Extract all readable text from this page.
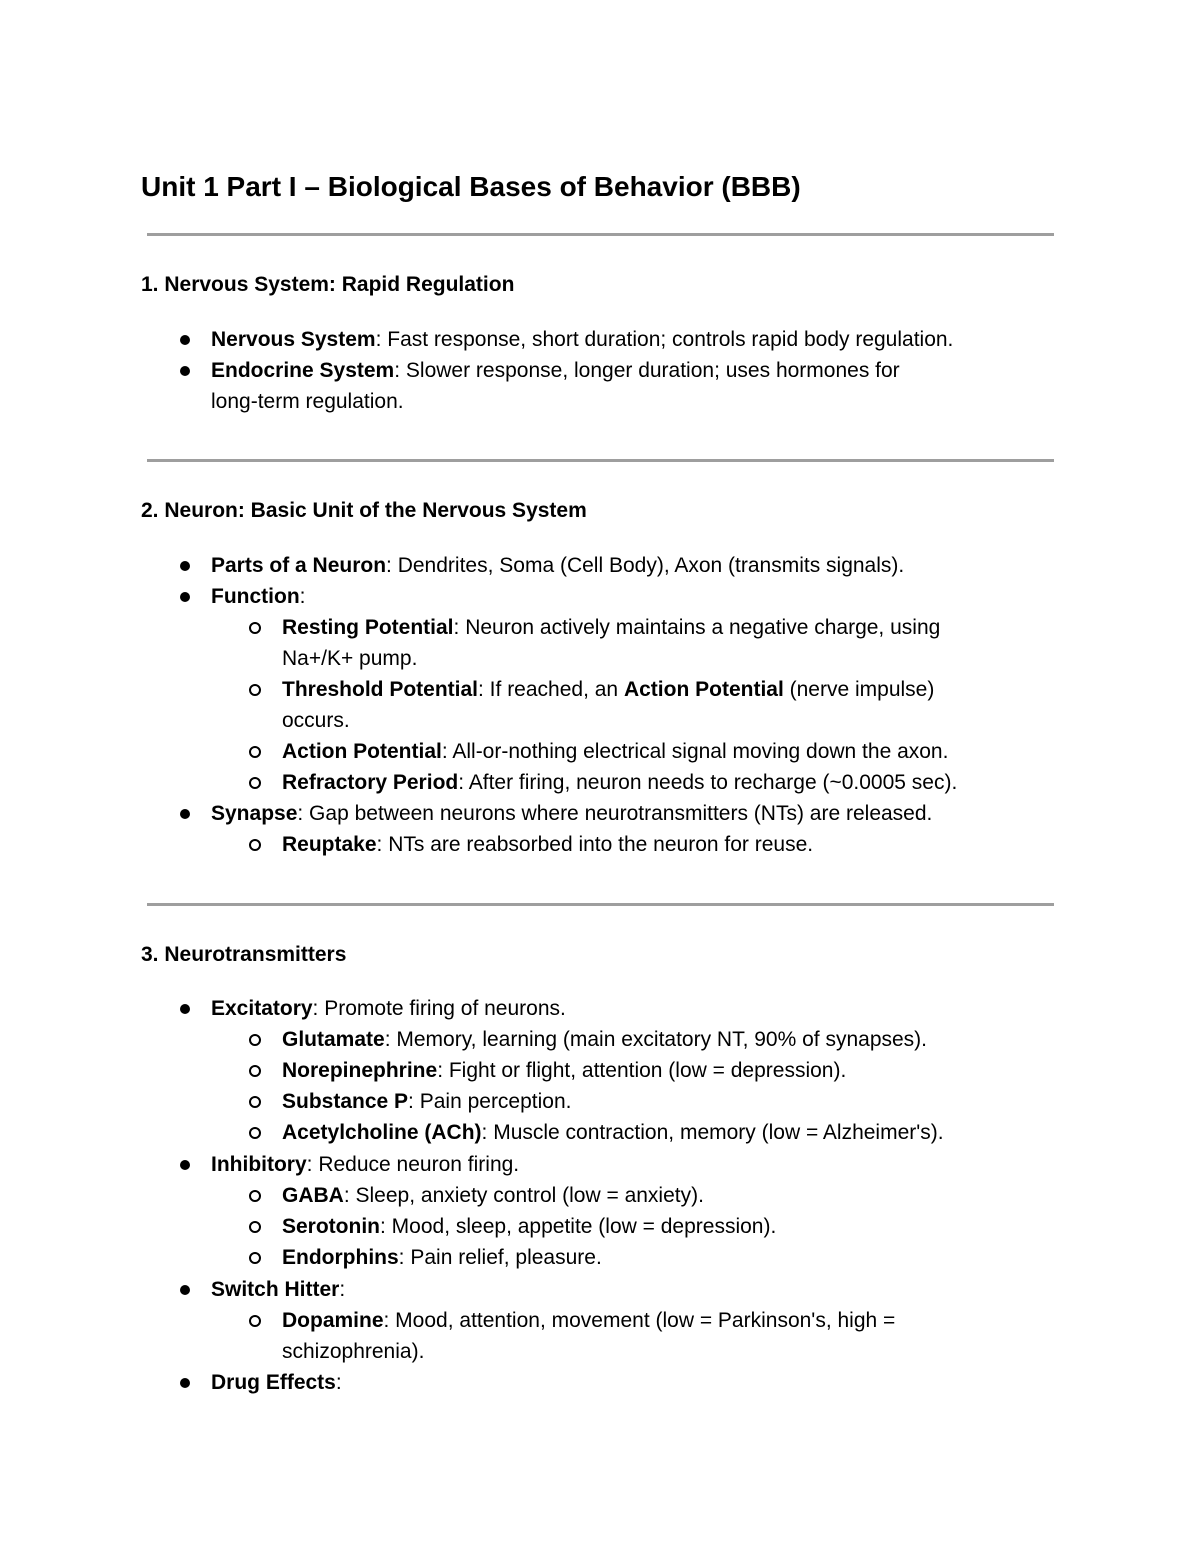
Unit 1 Part I – Biological Bases of Behavior (BBB)
1. Nervous System: Rapid Regulation
Nervous System: Fast response, short duration; controls rapid body regulation.
Endocrine System: Slower response, longer duration; uses hormones for
long-term regulation.
2. Neuron: Basic Unit of the Nervous System
Parts of a Neuron: Dendrites, Soma (Cell Body), Axon (transmits signals).
Function:
Resting Potential: Neuron actively maintains a negative charge, using
Na+/K+ pump.
Threshold Potential: If reached, an Action Potential (nerve impulse)
occurs.
Action Potential: All-or-nothing electrical signal moving down the axon.
Refractory Period: After firing, neuron needs to recharge (~0.0005 sec).
Synapse: Gap between neurons where neurotransmitters (NTs) are released.
Reuptake: NTs are reabsorbed into the neuron for reuse.
3. Neurotransmitters
Excitatory: Promote firing of neurons.
Glutamate: Memory, learning (main excitatory NT, 90% of synapses).
Norepinephrine: Fight or flight, attention (low = depression).
Substance P: Pain perception.
Acetylcholine (ACh): Muscle contraction, memory (low = Alzheimer's).
Inhibitory: Reduce neuron firing.
GABA: Sleep, anxiety control (low = anxiety).
Serotonin: Mood, sleep, appetite (low = depression).
Endorphins: Pain relief, pleasure.
Switch Hitter:
Dopamine: Mood, attention, movement (low = Parkinson's, high =
schizophrenia).
Drug Effects:
